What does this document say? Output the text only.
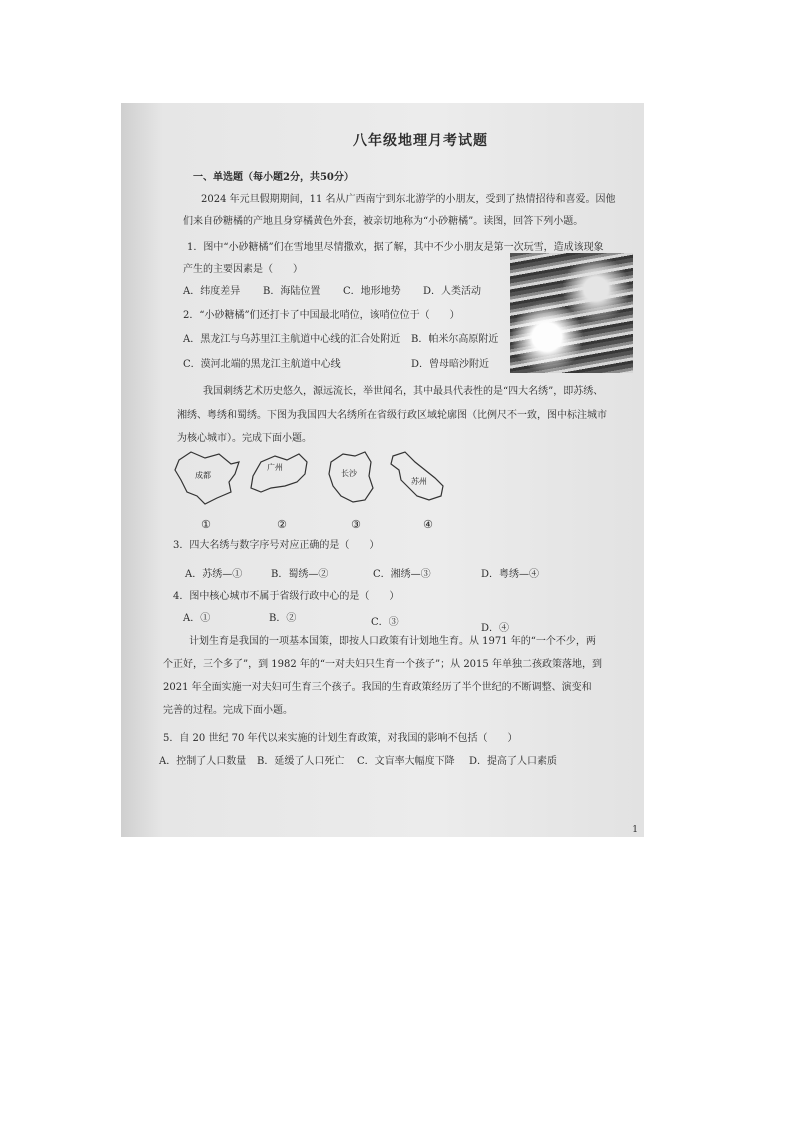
八年级地理月考试题
一、单选题（每小题2分，共50分）
2024 年元旦假期期间，11 名从广西南宁到东北游学的小朋友，受到了热情招待和喜爱。因他
们来自砂糖橘的产地且身穿橘黄色外套，被亲切地称为“小砂糖橘”。读图，回答下列小题。
1．图中“小砂糖橘”们在雪地里尽情撒欢，据了解，其中不少小朋友是第一次玩雪，造成该现象
产生的主要因素是（　　）
A．纬度差异 B．海陆位置 C．地形地势 D．人类活动
2．“小砂糖橘”们还打卡了中国最北哨位，该哨位位于（　　）
A．黑龙江与乌苏里江主航道中心线的汇合处附近 B．帕米尔高原附近
C．漠河北端的黑龙江主航道中心线	D．曾母暗沙附近
我国刺绣艺术历史悠久，源远流长，举世闻名，其中最具代表性的是“四大名绣”，即苏绣、
湘绣、粤绣和蜀绣。下图为我国四大名绣所在省级行政区域轮廓图（比例尺不一致，图中标注城市
为核心城市）。完成下面小题。
成都
广州
长沙
苏州
①	②	③	④
3．四大名绣与数字序号对应正确的是（　　）
A．苏绣—①	B．蜀绣—②	C．湘绣—③	D．粤绣—④
4．图中核心城市不属于省级行政中心的是（　　）
A．①	B．②	C．③
D．④
计划生育是我国的一项基本国策，即按人口政策有计划地生育。从 1971 年的“一个不少，两
个正好，三个多了”，到 1982 年的“一对夫妇只生育一个孩子”；从 2015 年单独二孩政策落地，到
2021 年全面实施一对夫妇可生育三个孩子。我国的生育政策经历了半个世纪的不断调整、演变和
完善的过程。完成下面小题。
5．自 20 世纪 70 年代以来实施的计划生育政策，对我国的影响不包括（　　）
A．控制了人口数量 B．延缓了人口死亡 C．文盲率大幅度下降 D．提高了人口素质
1
